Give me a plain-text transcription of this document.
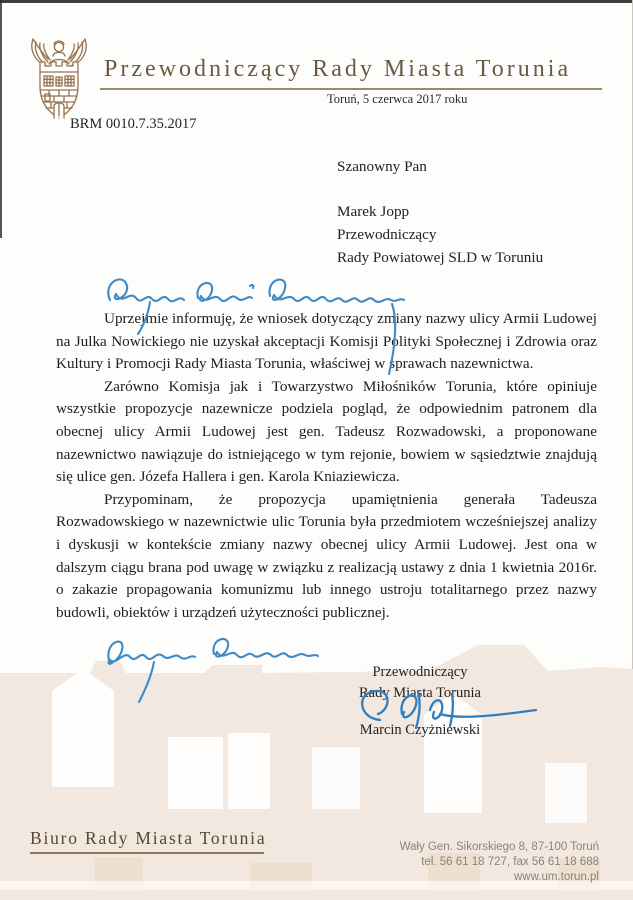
Przewodniczący Rady Miasta Torunia
Toruń, 5 czerwca 2017 roku
BRM 0010.7.35.2017
Szanowny Pan
Marek Jopp
Przewodniczący
Rady Powiatowej SLD w Toruniu

Uprzejmie informuję, że wniosek dotyczący zmiany nazwy ulicy Armii Ludowej na Julka Nowickiego nie uzyskał akceptacji Komisji Polityki Społecznej i Zdrowia oraz Kultury i Promocji Rady Miasta Torunia, właściwej w sprawach nazewnictwa.

Zarówno Komisja jak i Towarzystwo Miłośników Torunia, które opiniuje wszystkie propozycje nazewnicze podziela pogląd, że odpowiednim patronem dla obecnej ulicy Armii Ludowej jest gen. Tadeusz Rozwadowski, a proponowane nazewnictwo nawiązuje do istniejącego w tym rejonie, bowiem w sąsiedztwie znajdują się ulice gen. Józefa Hallera i gen. Karola Kniaziewicza.

Przypominam, że propozycja upamiętnienia generała Tadeusza Rozwadowskiego w nazewnictwie ulic Torunia była przedmiotem wcześniejszej analizy i dyskusji w kontekście zmiany nazwy obecnej ulicy Armii Ludowej. Jest ona w dalszym ciągu brana pod uwagę w związku z realizacją ustawy z dnia 1 kwietnia 2016r. o zakazie propagowania komunizmu lub innego ustroju totalitarnego przez nazwy budowli, obiektów i urządzeń użyteczności publicznej.

Przewodniczący
Rady Miasta Torunia
Marcin Czyżniewski
Biuro Rady Miasta Torunia	Wały Gen. Sikorskiego 8, 87-100 Toruń
tel. 56 61 18 727, fax 56 61 18 688
www.um.torun.pl
